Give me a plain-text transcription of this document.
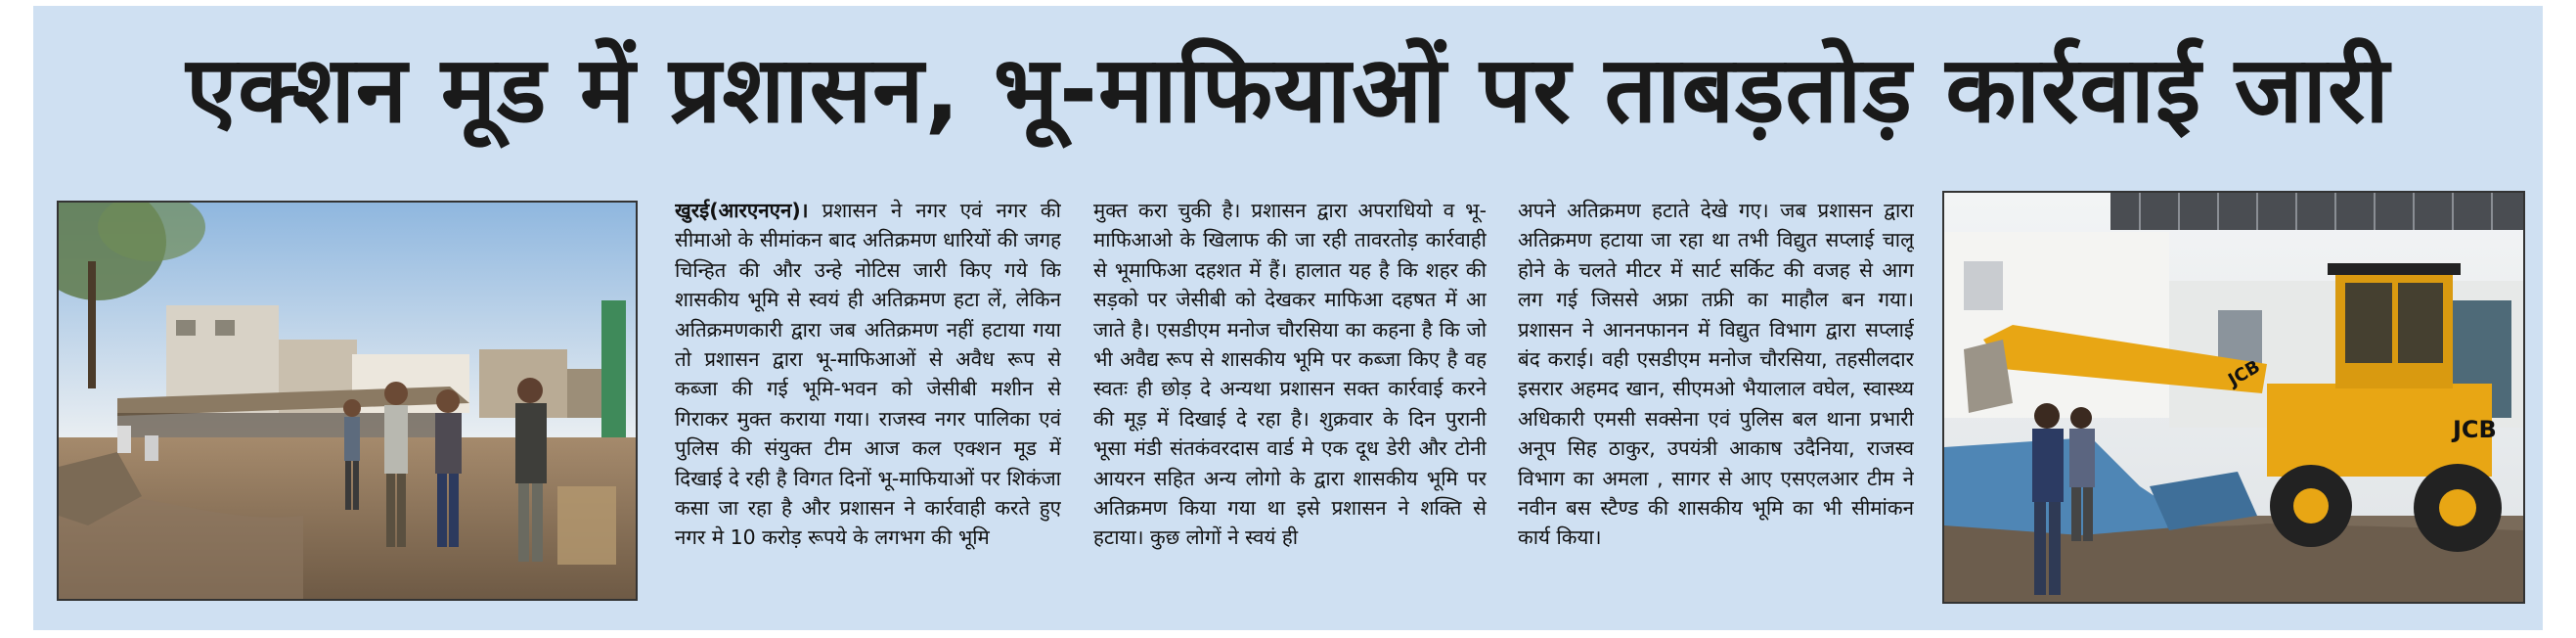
एक्शन मूड में प्रशासन, भू-माफियाओं पर ताबड़तोड़ कार्रवाई जारी

खुरई(आरएनएन)। प्रशासन ने नगर एवं नगर की सीमाओ के सीमांकन बाद अतिक्रमण धारियों की जगह चिन्हित की और उन्हे नोटिस जारी किए गये कि शासकीय भूमि से स्वयं ही अतिक्रमण हटा लें, लेकिन अतिक्रमणकारी द्वारा जब अतिक्रमण नहीं हटाया गया तो प्रशासन द्वारा भू-माफिआओं से अवैध रूप से कब्जा की गई भूमि-भवन को जेसीबी मशीन से गिराकर मुक्त कराया गया। राजस्व नगर पालिका एवं पुलिस की संयुक्त टीम आज कल एक्शन मूड में दिखाई दे रही है विगत दिनों भू-माफियाओं पर शिकंजा कसा जा रहा है और प्रशासन ने कार्रवाही करते हुए नगर मे 10 करोड़ रूपये के लगभग की भूमि

मुक्त करा चुकी है। प्रशासन द्वारा अपराधियो व भू-माफिआओ के खिलाफ की जा रही तावरतोड़ कार्रवाही से भूमाफिआ दहशत में हैं। हालात यह है कि शहर की सड़को पर जेसीबी को देखकर माफिआ दहषत में आ जाते है। एसडीएम मनोज चौरसिया का कहना है कि जो भी अवैद्य रूप से शासकीय भूमि पर कब्जा किए है वह स्वतः ही छोड़ दे अन्यथा प्रशासन सक्त कार्रवाई करने की मूड़ में दिखाई दे रहा है। शुक्रवार के दिन पुरानी भूसा मंडी संतकंवरदास वार्ड मे एक दूध डेरी और टोनी आयरन सहित अन्य लोगो के द्वारा शासकीय भूमि पर अतिक्रमण किया गया था इसे प्रशासन ने शक्ति से हटाया। कुछ लोगों ने स्वयं ही

अपने अतिक्रमण हटाते देखे गए। जब प्रशासन द्वारा अतिक्रमण हटाया जा रहा था तभी विद्युत सप्लाई चालू होने के चलते मीटर में सार्ट सर्किट की वजह से आग लग गई जिससे अफ्रा तफ्री का माहौल बन गया। प्रशासन ने आननफानन में विद्युत विभाग द्वारा सप्लाई बंद कराई। वही एसडीएम मनोज चौरसिया, तहसीलदार इसरार अहमद खान, सीएमओ भैयालाल वघेल, स्वास्थ्य अधिकारी एमसी सक्सेना एवं पुलिस बल थाना प्रभारी अनूप सिह ठाकुर, उपयंत्री आकाष उदैनिया, राजस्व विभाग का अमला , सागर से आए एसएलआर टीम ने नवीन बस स्टैण्ड की शासकीय भूमि का भी सीमांकन कार्य किया।

JCB
JCB
